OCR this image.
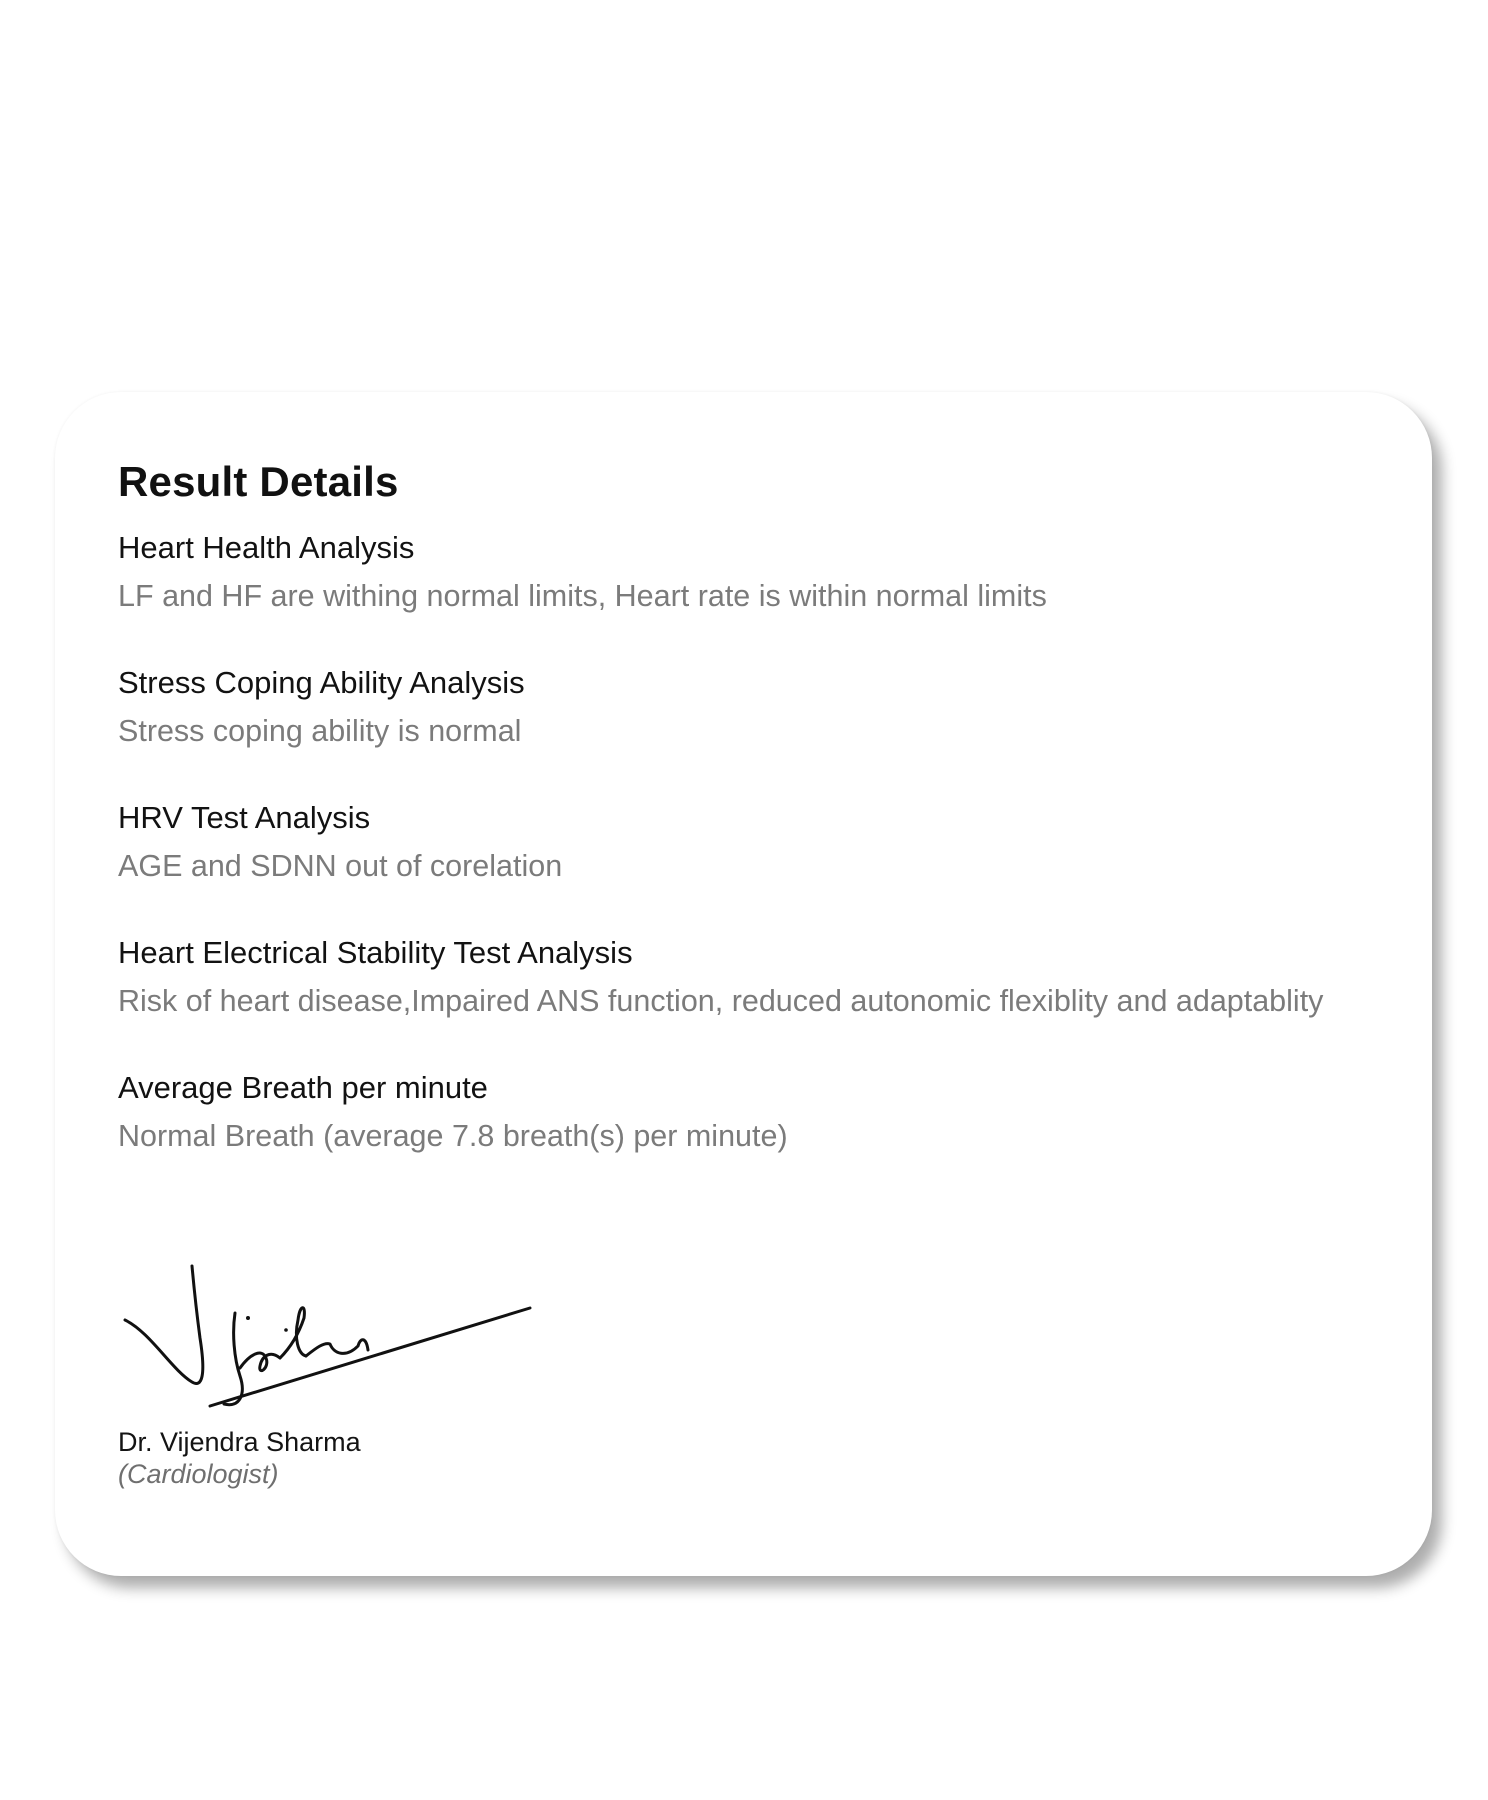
Result Details
Heart Health Analysis
LF and HF are withing normal limits, Heart rate is within normal limits
Stress Coping Ability Analysis
Stress coping ability is normal
HRV Test Analysis
AGE and SDNN out of corelation
Heart Electrical Stability Test Analysis
Risk of heart disease,Impaired ANS function, reduced autonomic flexiblity and adaptablity
Average Breath per minute
Normal Breath (average 7.8 breath(s) per minute)
Dr. Vijendra Sharma
(Cardiologist)
